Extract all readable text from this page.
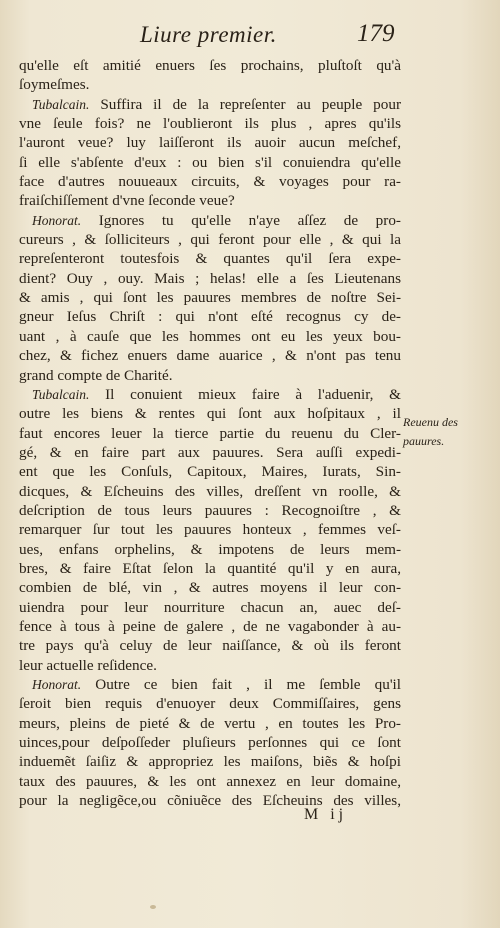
Liure premier.	179
qu'elle eſt amitié enuers ſes prochains, pluſtoſt qu'à
ſoymeſmes.
Tubalcain. Suffira il de la repreſenter au peuple pour
vne ſeule fois? ne l'oublieront ils plus , apres qu'ils
l'auront veue? luy laiſſeront ils auoir aucun meſchef,
ſi elle s'abſente d'eux : ou bien s'il conuiendra qu'elle
face d'autres nouueaux circuits, & voyages pour ra-
fraiſchiſſement d'vne ſeconde veue?
Honorat. Ignores tu qu'elle n'aye aſſez de pro-
cureurs , & ſolliciteurs , qui feront pour elle , & qui la
repreſenteront toutesfois & quantes qu'il ſera expe-
dient? Ouy , ouy. Mais ; helas! elle a ſes Lieutenans
& amis , qui ſont les pauures membres de noſtre Sei-
gneur Ieſus Chriſt : qui n'ont eſté recognus cy de-
uant , à cauſe que les hommes ont eu les yeux bou-
chez, & fichez enuers dame auarice , & n'ont pas tenu
grand compte de Charité.
Tubalcain. Il conuient mieux faire à l'aduenir, &
outre les biens & rentes qui ſont aux hoſpitaux , il
faut encores leuer la tierce partie du reuenu du Cler-
gé, & en faire part aux pauures. Sera auſſi expedi-
ent que les Conſuls, Capitoux, Maires, Iurats, Sin-
dicques, & Eſcheuins des villes, dreſſent vn roolle, &
deſcription de tous leurs pauures : Recognoiſtre , &
remarquer ſur tout les pauures honteux , femmes veſ-
ues, enfans orphelins, & impotens de leurs mem-
bres, & faire Eſtat ſelon la quantité qu'il y en aura,
combien de blé, vin , & autres moyens il leur con-
uiendra pour leur nourriture chacun an, auec deſ-
fence à tous à peine de galere , de ne vagabonder à au-
tre pays qu'à celuy de leur naiſſance, & où ils feront
leur actuelle reſidence.
Honorat. Outre ce bien fait , il me ſemble qu'il
ſeroit bien requis d'enuoyer deux Commiſſaires, gens
meurs, pleins de pieté & de vertu , en toutes les Pro-
uinces,pour deſpoſſeder pluſieurs perſonnes qui ce ſont
induemẽt ſaiſiz & appropriez les maiſons, biẽs & hoſpi
taux des pauures, & les ont annexez en leur domaine,
pour la negligẽce,ou cõniuẽce des Eſcheuins des villes,
Reuenu des
pauures.
M ij
